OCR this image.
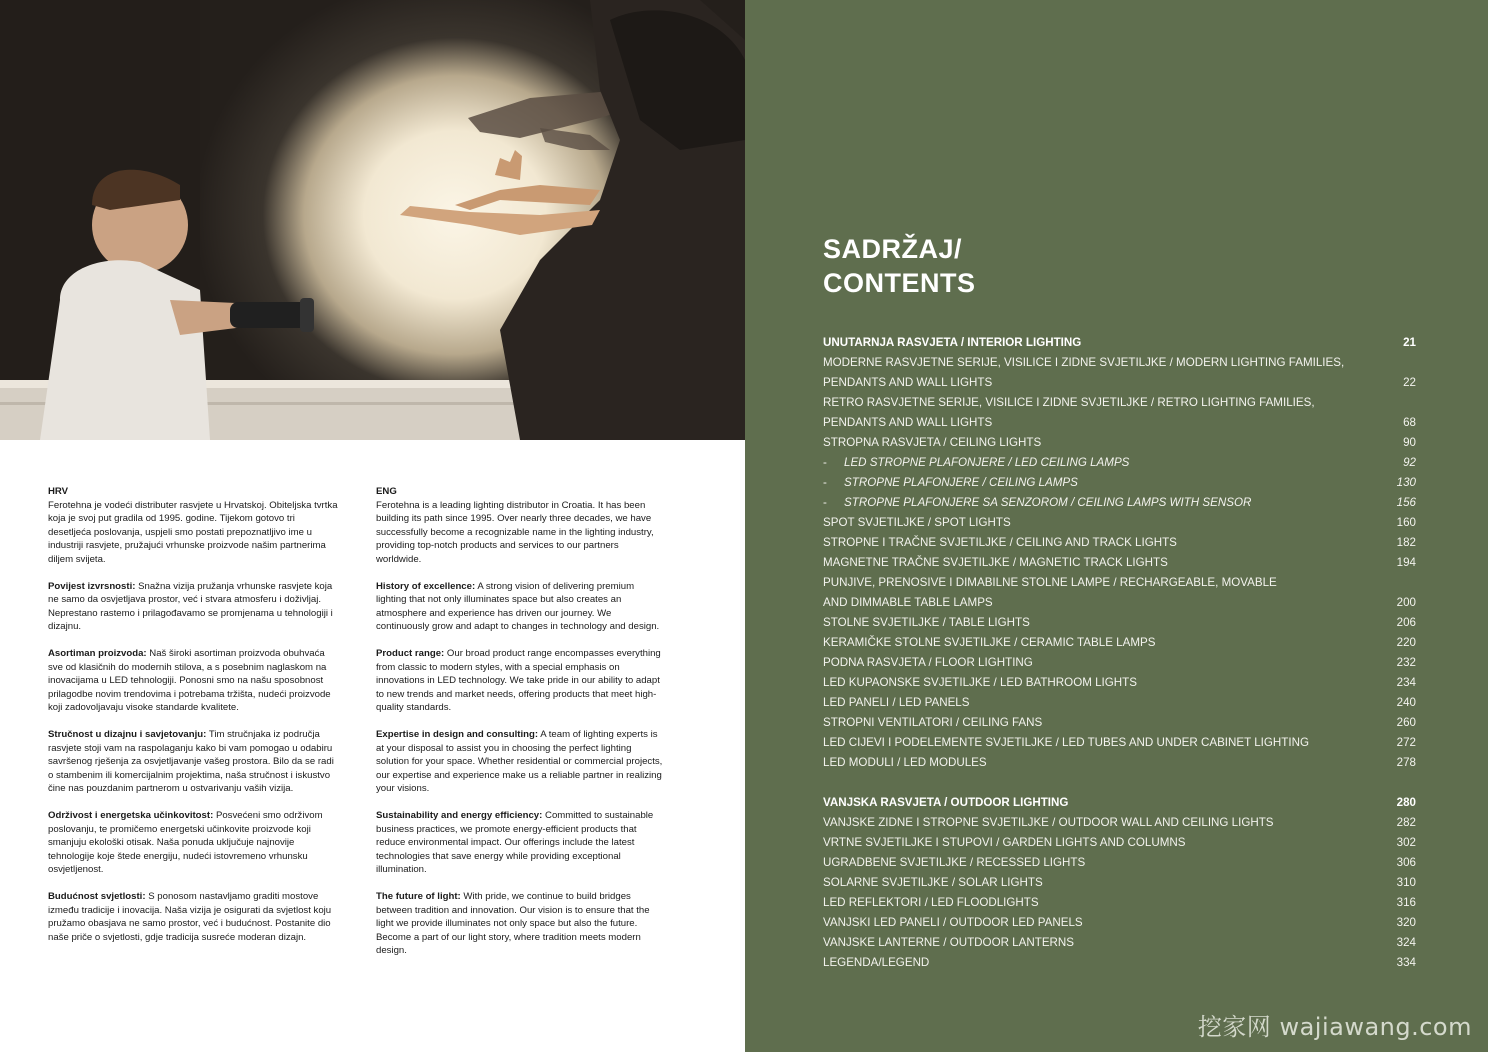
HRV

Ferotehna je vodeći distributer rasvjete u Hrvatskoj. Obiteljska tvrtka koja je svoj put gradila od 1995. godine. Tijekom gotovo tri desetljeća poslovanja, uspjeli smo postati prepoznatljivo ime u industriji rasvjete, pružajući vrhunske proizvode našim partnerima diljem svijeta.

Povijest izvrsnosti: Snažna vizija pružanja vrhunske rasvjete koja ne samo da osvjetljava prostor, već i stvara atmosferu i doživljaj. Neprestano rastemo i prilagođavamo se promjenama u tehnologiji i dizajnu.

Asortiman proizvoda: Naš široki asortiman proizvoda obuhvaća sve od klasičnih do modernih stilova, a s posebnim naglaskom na inovacijama u LED tehnologiji. Ponosni smo na našu sposobnost prilagodbe novim trendovima i potrebama tržišta, nudeći proizvode koji zadovoljavaju visoke standarde kvalitete.

Stručnost u dizajnu i savjetovanju: Tim stručnjaka iz područja rasvjete stoji vam na raspolaganju kako bi vam pomogao u odabiru savršenog rješenja za osvjetljavanje vašeg prostora. Bilo da se radi o stambenim ili komercijalnim projektima, naša stručnost i iskustvo čine nas pouzdanim partnerom u ostvarivanju vaših vizija.

Održivost i energetska učinkovitost: Posvećeni smo održivom poslovanju, te promičemo energetski učinkovite proizvode koji smanjuju ekološki otisak. Naša ponuda uključuje najnovije tehnologije koje štede energiju, nudeći istovremeno vrhunsku osvjetljenost.

Budućnost svjetlosti: S ponosom nastavljamo graditi mostove između tradicije i inovacija. Naša vizija je osigurati da svjetlost koju pružamo obasjava ne samo prostor, već i budućnost. Postanite dio naše priče o svjetlosti, gdje tradicija susreće moderan dizajn.

ENG

Ferotehna is a leading lighting distributor in Croatia. It has been building its path since 1995. Over nearly three decades, we have successfully become a recognizable name in the lighting industry, providing top-notch products and services to our partners worldwide.

History of excellence: A strong vision of delivering premium lighting that not only illuminates space but also creates an atmosphere and experience has driven our journey. We continuously grow and adapt to changes in technology and design.

Product range: Our broad product range encompasses everything from classic to modern styles, with a special emphasis on innovations in LED technology. We take pride in our ability to adapt to new trends and market needs, offering products that meet high-quality standards.

Expertise in design and consulting: A team of lighting experts is at your disposal to assist you in choosing the perfect lighting solution for your space. Whether residential or commercial projects, our expertise and experience make us a reliable partner in realizing your visions.

Sustainability and energy efficiency: Committed to sustainable business practices, we promote energy-efficient products that reduce environmental impact. Our offerings include the latest technologies that save energy while providing exceptional illumination.

The future of light: With pride, we continue to build bridges between tradition and innovation. Our vision is to ensure that the light we provide illuminates not only space but also the future. Become a part of our light story, where tradition meets modern design.

SADRŽAJ/
CONTENTS
UNUTARNJA RASVJETA / INTERIOR LIGHTING	21
MODERNE RASVJETNE SERIJE, VISILICE I ZIDNE SVJETILJKE / MODERN LIGHTING FAMILIES,
PENDANTS AND WALL LIGHTS	22
RETRO RASVJETNE SERIJE, VISILICE I ZIDNE SVJETILJKE / RETRO LIGHTING FAMILIES,
PENDANTS AND WALL LIGHTS	68
STROPNA RASVJETA / CEILING LIGHTS	90
-	LED STROPNE PLAFONJERE / LED CEILING LAMPS	92
-	STROPNE PLAFONJERE / CEILING LAMPS	130
-	STROPNE PLAFONJERE SA SENZOROM / CEILING LAMPS WITH SENSOR	156
SPOT SVJETILJKE / SPOT LIGHTS	160
STROPNE I TRAČNE SVJETILJKE / CEILING AND TRACK LIGHTS	182
MAGNETNE TRAČNE SVJETILJKE / MAGNETIC TRACK LIGHTS	194
PUNJIVE, PRENOSIVE I DIMABILNE STOLNE LAMPE / RECHARGEABLE, MOVABLE
AND DIMMABLE TABLE LAMPS	200
STOLNE SVJETILJKE / TABLE LIGHTS	206
KERAMIČKE STOLNE SVJETILJKE / CERAMIC TABLE LAMPS	220
PODNA RASVJETA / FLOOR LIGHTING	232
LED KUPAONSKE SVJETILJKE / LED BATHROOM LIGHTS	234
LED PANELI / LED PANELS	240
STROPNI VENTILATORI / CEILING FANS	260
LED CIJEVI I PODELEMENTE SVJETILJKE / LED TUBES AND UNDER CABINET LIGHTING	272
LED MODULI / LED MODULES	278
VANJSKA RASVJETA / OUTDOOR LIGHTING	280
VANJSKE ZIDNE I STROPNE SVJETILJKE / OUTDOOR WALL AND CEILING LIGHTS	282
VRTNE SVJETILJKE I STUPOVI / GARDEN LIGHTS AND COLUMNS	302
UGRADBENE SVJETILJKE / RECESSED LIGHTS	306
SOLARNE SVJETILJKE / SOLAR LIGHTS	310
LED REFLEKTORI / LED FLOODLIGHTS	316
VANJSKI LED PANELI / OUTDOOR LED PANELS	320
VANJSKE LANTERNE / OUTDOOR LANTERNS	324
LEGENDA/LEGEND	334
挖家网 wajiawang.com
